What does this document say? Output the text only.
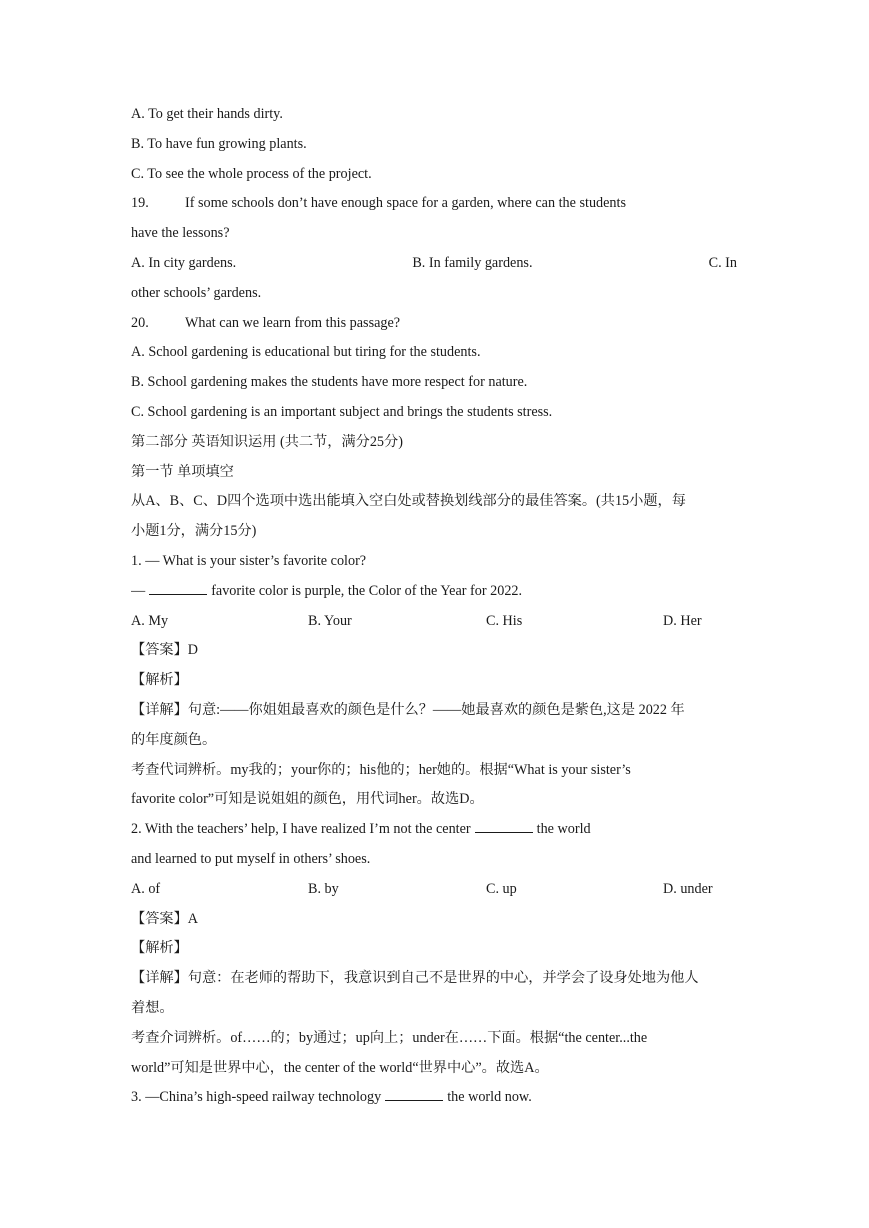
A. To get their hands dirty.
B. To have fun growing plants.
C. To see the whole process of the project.
19.	If some schools don’t have enough space for a garden, where can the students
have the lessons?
A. In city gardens.	B. In family gardens.	C. In
other schools’ gardens.
20.	What can we learn from this passage?
A. School gardening is educational but tiring for the students.
B. School gardening makes the students have more respect for nature.
C. School gardening is an important subject and brings the students stress.
第二部分 英语知识运用 (共二节，满分25分)
第一节 单项填空
从A、B、C、D四个选项中选出能填入空白处或替换划线部分的最佳答案。(共15小题，每
小题1分，满分15分)
1. — What is your sister’s favorite color?
—	favorite color is purple, the Color of the Year for 2022.
A. My	B. Your	C. His	D. Her
【答案】D
【解析】
【详解】句意:——你姐姐最喜欢的颜色是什么？——她最喜欢的颜色是紫色,这是 2022 年
的年度颜色。
考查代词辨析。my我的；your你的；his他的；her她的。根据“What is your sister’s
favorite color”可知是说姐姐的颜色，用代词her。故选D。
2. With the teachers’ help, I have realized I’m not the center	the world
and learned to put myself in others’ shoes.
A. of	B. by	C. up	D. under
【答案】A
【解析】
【详解】句意：在老师的帮助下，我意识到自己不是世界的中心，并学会了设身处地为他人
着想。
考查介词辨析。of……的；by通过；up向上；under在……下面。根据“the center...the
world”可知是世界中心，the center of the world“世界中心”。故选A。
3. —China’s high-speed railway technology	the world now.
